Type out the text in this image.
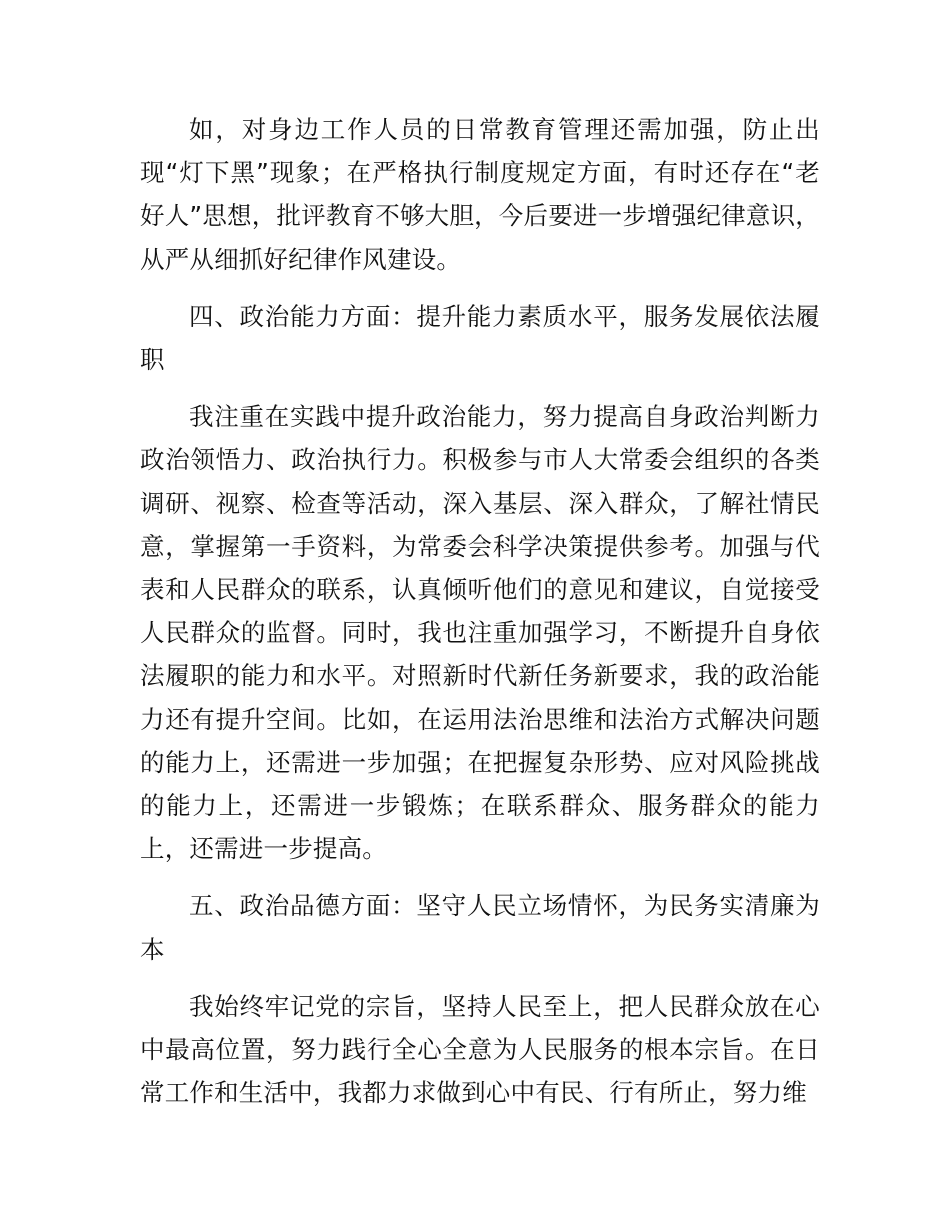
如，对身边工作人员的日常教育管理还需加强，防止出现“灯下黑”现象；在严格执行制度规定方面，有时还存在“老好人”思想，批评教育不够大胆，今后要进一步增强纪律意识，从严从细抓好纪律作风建设。

四、政治能力方面：提升能力素质水平，服务发展依法履职

我注重在实践中提升政治能力，努力提高自身政治判断力政治领悟力、政治执行力。积极参与市人大常委会组织的各类调研、视察、检查等活动，深入基层、深入群众，了解社情民意，掌握第一手资料，为常委会科学决策提供参考。加强与代表和人民群众的联系，认真倾听他们的意见和建议，自觉接受人民群众的监督。同时，我也注重加强学习，不断提升自身依法履职的能力和水平。对照新时代新任务新要求，我的政治能力还有提升空间。比如，在运用法治思维和法治方式解决问题的能力上，还需进一步加强；在把握复杂形势、应对风险挑战的能力上，还需进一步锻炼；在联系群众、服务群众的能力上，还需进一步提高。

五、政治品德方面：坚守人民立场情怀，为民务实清廉为本

我始终牢记党的宗旨，坚持人民至上，把人民群众放在心中最高位置，努力践行全心全意为人民服务的根本宗旨。在日常工作和生活中，我都力求做到心中有民、行有所止，努力维
